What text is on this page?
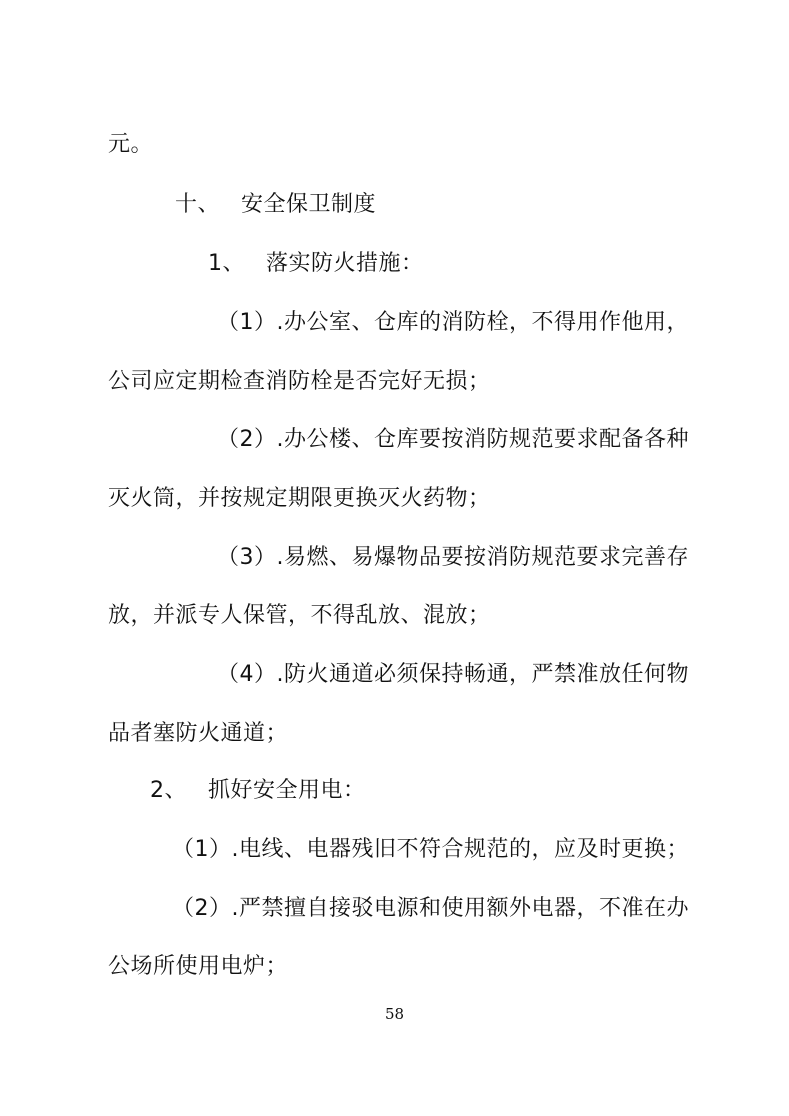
元。
十、 安全保卫制度
1、 落实防火措施：
（1）.办公室、仓库的消防栓，不得用作他用，
公司应定期检查消防栓是否完好无损；
（2）.办公楼、仓库要按消防规范要求配备各种
灭火筒，并按规定期限更换灭火药物；
（3）.易燃、易爆物品要按消防规范要求完善存
放，并派专人保管，不得乱放、混放；
（4）.防火通道必须保持畅通，严禁准放任何物
品者塞防火通道；
2、 抓好安全用电：
（1）.电线、电器残旧不符合规范的，应及时更换；
（2）.严禁擅自接驳电源和使用额外电器，不准在办
公场所使用电炉；
58
